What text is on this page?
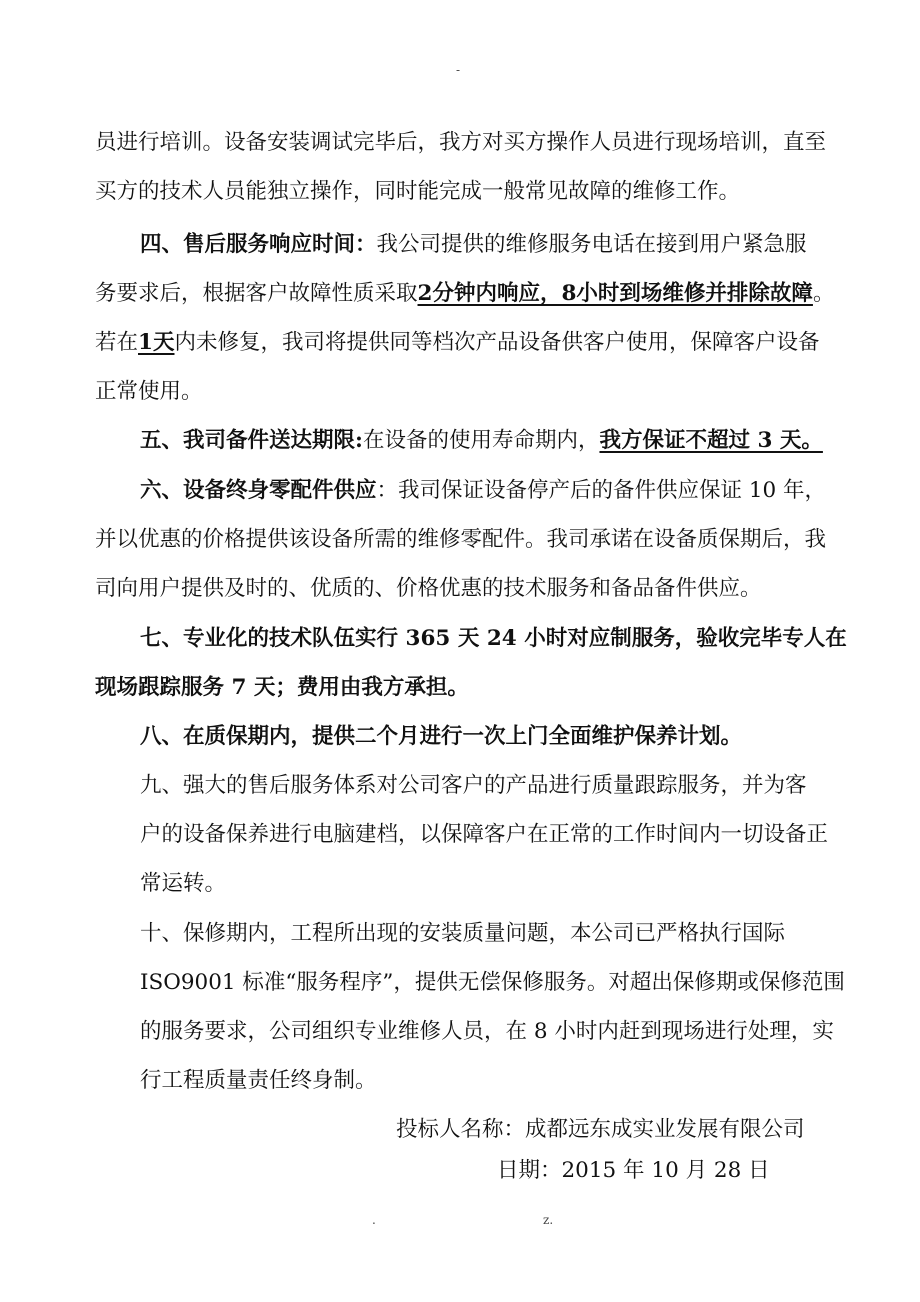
-
员进行培训。设备安装调试完毕后，我方对买方操作人员进行现场培训，直至
买方的技术人员能独立操作，同时能完成一般常见故障的维修工作。
四、售后服务响应时间：我公司提供的维修服务电话在接到用户紧急服
务要求后，根据客户故障性质采取2分钟内响应，8小时到场维修并排除故障。
若在1天内未修复，我司将提供同等档次产品设备供客户使用，保障客户设备
正常使用。
五、我司备件送达期限:在设备的使用寿命期内，我方保证不超过 3 天。
六、设备终身零配件供应：我司保证设备停产后的备件供应保证 10 年，
并以优惠的价格提供该设备所需的维修零配件。我司承诺在设备质保期后，我
司向用户提供及时的、优质的、价格优惠的技术服务和备品备件供应。
七、专业化的技术队伍实行 365 天 24 小时对应制服务，验收完毕专人在
现场跟踪服务 7 天；费用由我方承担。
八、在质保期内，提供二个月进行一次上门全面维护保养计划。
九、强大的售后服务体系对公司客户的产品进行质量跟踪服务，并为客
户的设备保养进行电脑建档，以保障客户在正常的工作时间内一切设备正
常运转。
十、保修期内，工程所出现的安装质量问题，本公司已严格执行国际
ISO9001 标准“服务程序”，提供无偿保修服务。对超出保修期或保修范围
的服务要求，公司组织专业维修人员，在 8 小时内赶到现场进行处理，实
行工程质量责任终身制。
投标人名称：成都远东成实业发展有限公司
日期：2015 年 10 月 28 日
.	z.
